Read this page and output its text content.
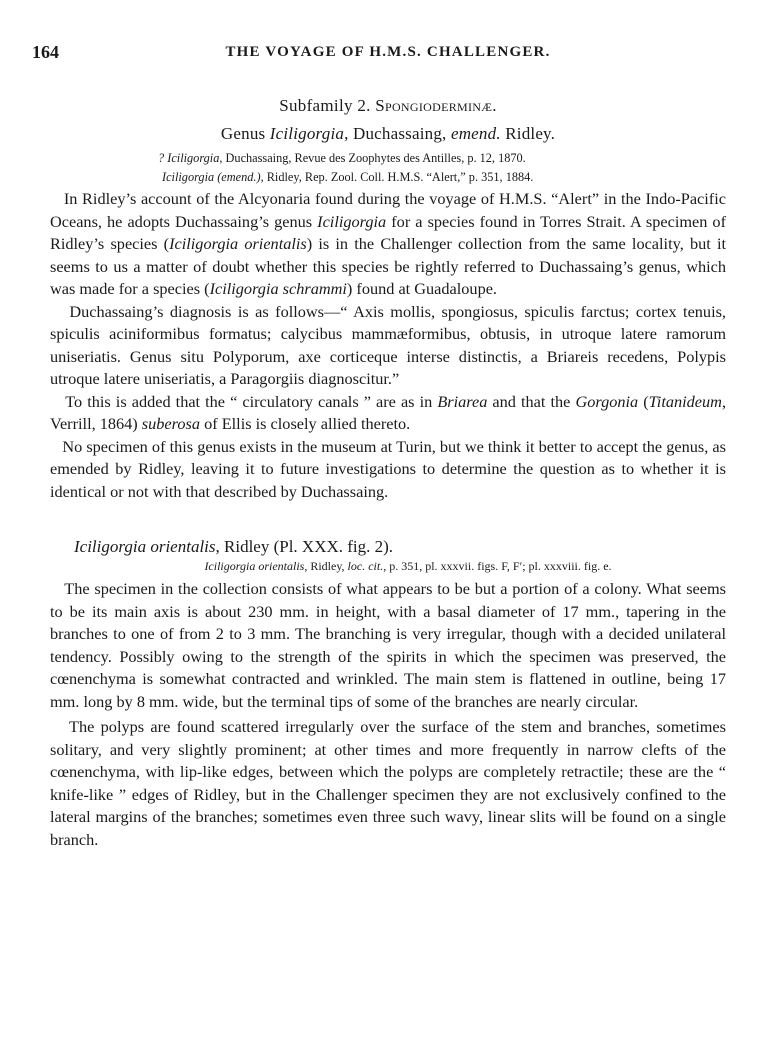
164	THE VOYAGE OF H.M.S. CHALLENGER.
Subfamily 2. Spongioderminæ.
Genus Iciligorgia, Duchassaing, emend. Ridley.
? Iciligorgia, Duchassaing, Revue des Zoophytes des Antilles, p. 12, 1870.
Iciligorgia (emend.), Ridley, Rep. Zool. Coll. H.M.S. “Alert,” p. 351, 1884.

In Ridley’s account of the Alcyonaria found during the voyage of H.M.S. “Alert” in the Indo-Pacific Oceans, he adopts Duchassaing’s genus Iciligorgia for a species found in Torres Strait. A specimen of Ridley’s species (Iciligorgia orientalis) is in the Challenger collection from the same locality, but it seems to us a matter of doubt whether this species be rightly referred to Duchassaing’s genus, which was made for a species (Iciligorgia schrammi) found at Guadaloupe.

Duchassaing’s diagnosis is as follows—“ Axis mollis, spongiosus, spiculis farctus; cortex tenuis, spiculis aciniformibus formatus; calycibus mammæformibus, obtusis, in utroque latere ramorum uniseriatis. Genus situ Polyporum, axe corticeque interse distinctis, a Briareis recedens, Polypis utroque latere uniseriatis, a Paragorgiis diagnoscitur.”

To this is added that the “ circulatory canals ” are as in Briarea and that the Gorgonia (Titanideum, Verrill, 1864) suberosa of Ellis is closely allied thereto.

No specimen of this genus exists in the museum at Turin, but we think it better to accept the genus, as emended by Ridley, leaving it to future investigations to determine the question as to whether it is identical or not with that described by Duchassaing.

Iciligorgia orientalis, Ridley (Pl. XXX. fig. 2).
Iciligorgia orientalis, Ridley, loc. cit., p. 351, pl. xxxvii. figs. F, F′; pl. xxxviii. fig. e.

The specimen in the collection consists of what appears to be but a portion of a colony. What seems to be its main axis is about 230 mm. in height, with a basal diameter of 17 mm., tapering in the branches to one of from 2 to 3 mm. The branching is very irregular, though with a decided unilateral tendency. Possibly owing to the strength of the spirits in which the specimen was preserved, the cœnenchyma is somewhat contracted and wrinkled. The main stem is flattened in outline, being 17 mm. long by 8 mm. wide, but the terminal tips of some of the branches are nearly circular.

The polyps are found scattered irregularly over the surface of the stem and branches, sometimes solitary, and very slightly prominent; at other times and more frequently in narrow clefts of the cœnenchyma, with lip-like edges, between which the polyps are completely retractile; these are the “ knife-like ” edges of Ridley, but in the Challenger specimen they are not exclusively confined to the lateral margins of the branches; sometimes even three such wavy, linear slits will be found on a single branch.
